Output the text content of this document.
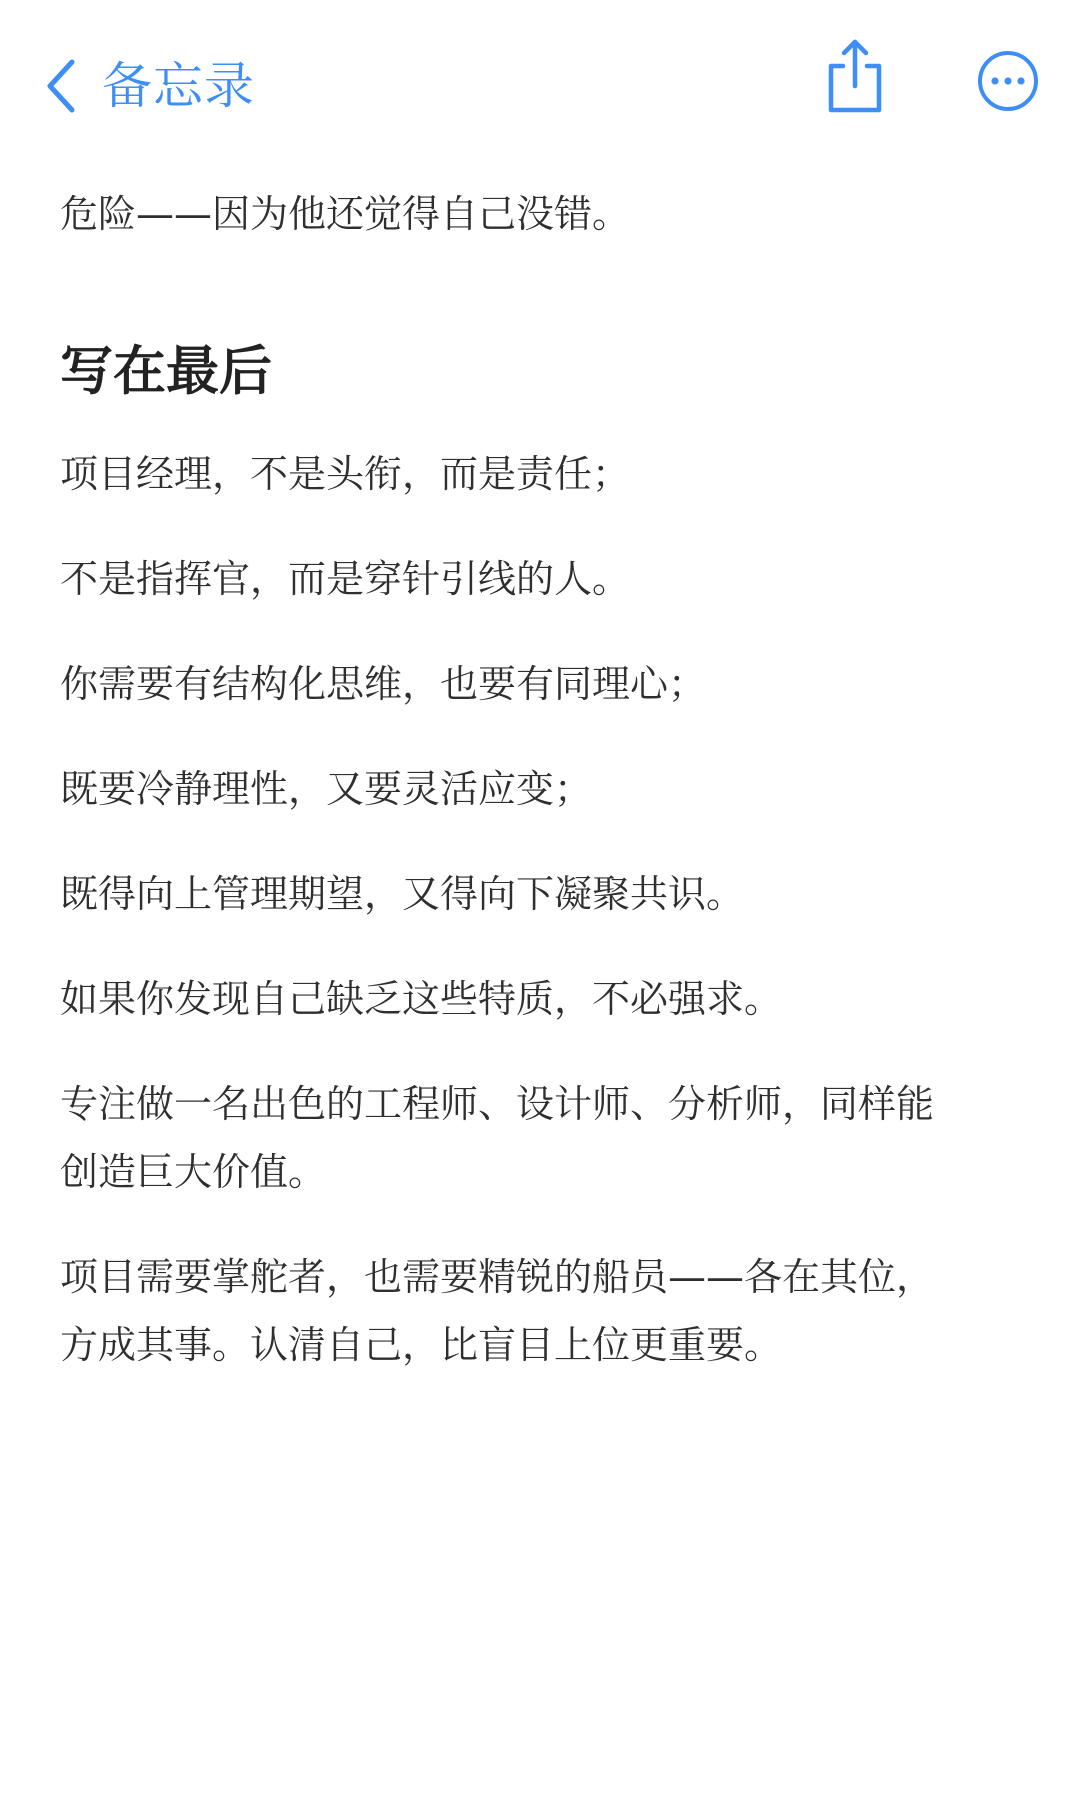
备忘录
危险——因为他还觉得自己没错。
写在最后
项目经理，不是头衔，而是责任；
不是指挥官，而是穿针引线的人。
你需要有结构化思维，也要有同理心；
既要冷静理性，又要灵活应变；
既得向上管理期望，又得向下凝聚共识。
如果你发现自己缺乏这些特质，不必强求。
专注做一名出色的工程师、设计师、分析师，同样能
创造巨大价值。
项目需要掌舵者，也需要精锐的船员——各在其位，
方成其事。认清自己，比盲目上位更重要。
